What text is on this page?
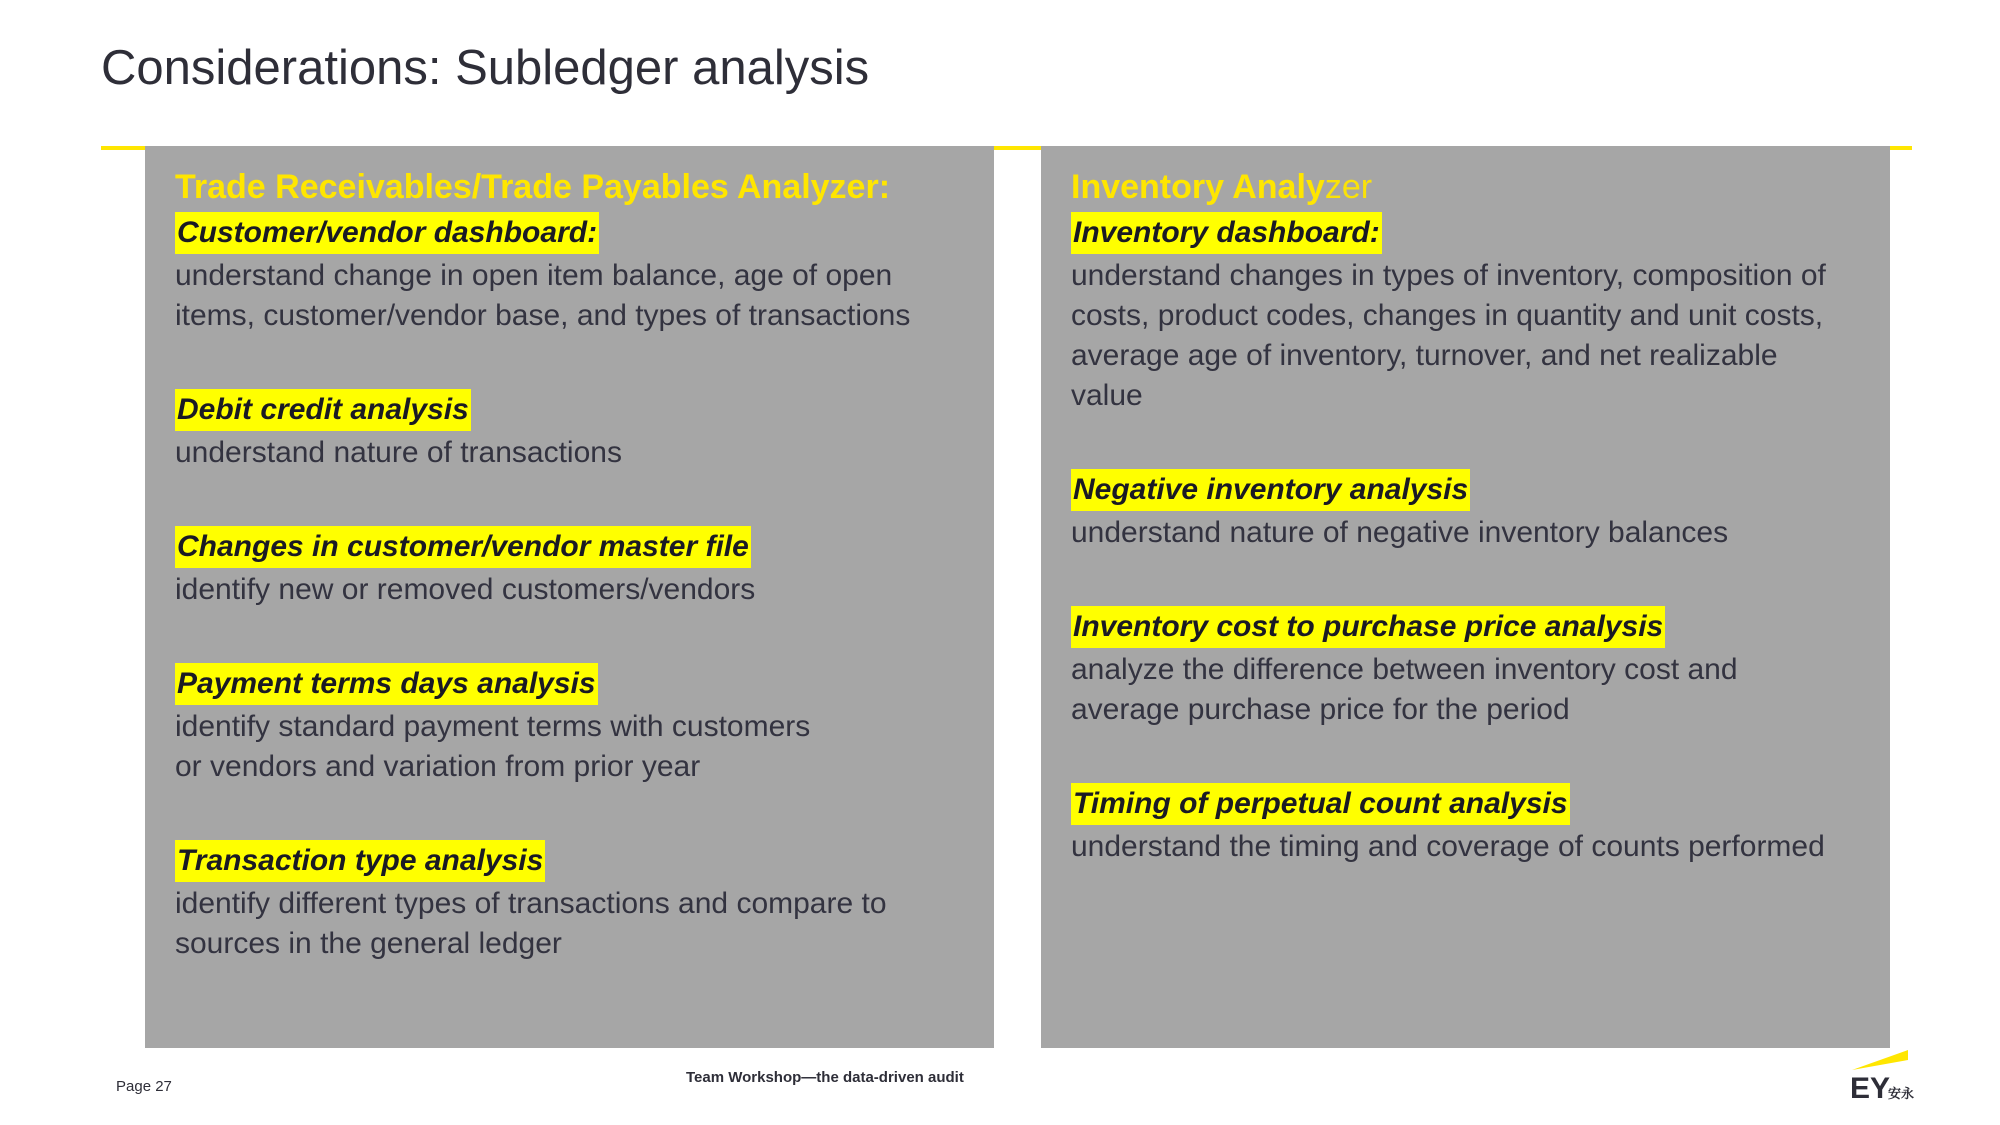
Considerations: Subledger analysis
Trade Receivables/Trade Payables Analyzer:
Customer/vendor dashboard:
understand change in open item balance, age of open
items, customer/vendor base, and types of transactions
Debit credit analysis
understand nature of transactions
Changes in customer/vendor master file
identify new or removed customers/vendors
Payment terms days analysis
identify standard payment terms with customers
or vendors and variation from prior year
Transaction type analysis
identify different types of transactions and compare to
sources in the general ledger
Inventory Analyzer
Inventory dashboard:
understand changes in types of inventory, composition of
costs, product codes, changes in quantity and unit costs,
average age of inventory, turnover, and net realizable
value
Negative inventory analysis
understand nature of negative inventory balances
Inventory cost to purchase price analysis
analyze the difference between inventory cost and
average purchase price for the period
Timing of perpetual count analysis
understand the timing and coverage of counts performed
Page 27
Team Workshop—the data-driven audit	EY
安永
